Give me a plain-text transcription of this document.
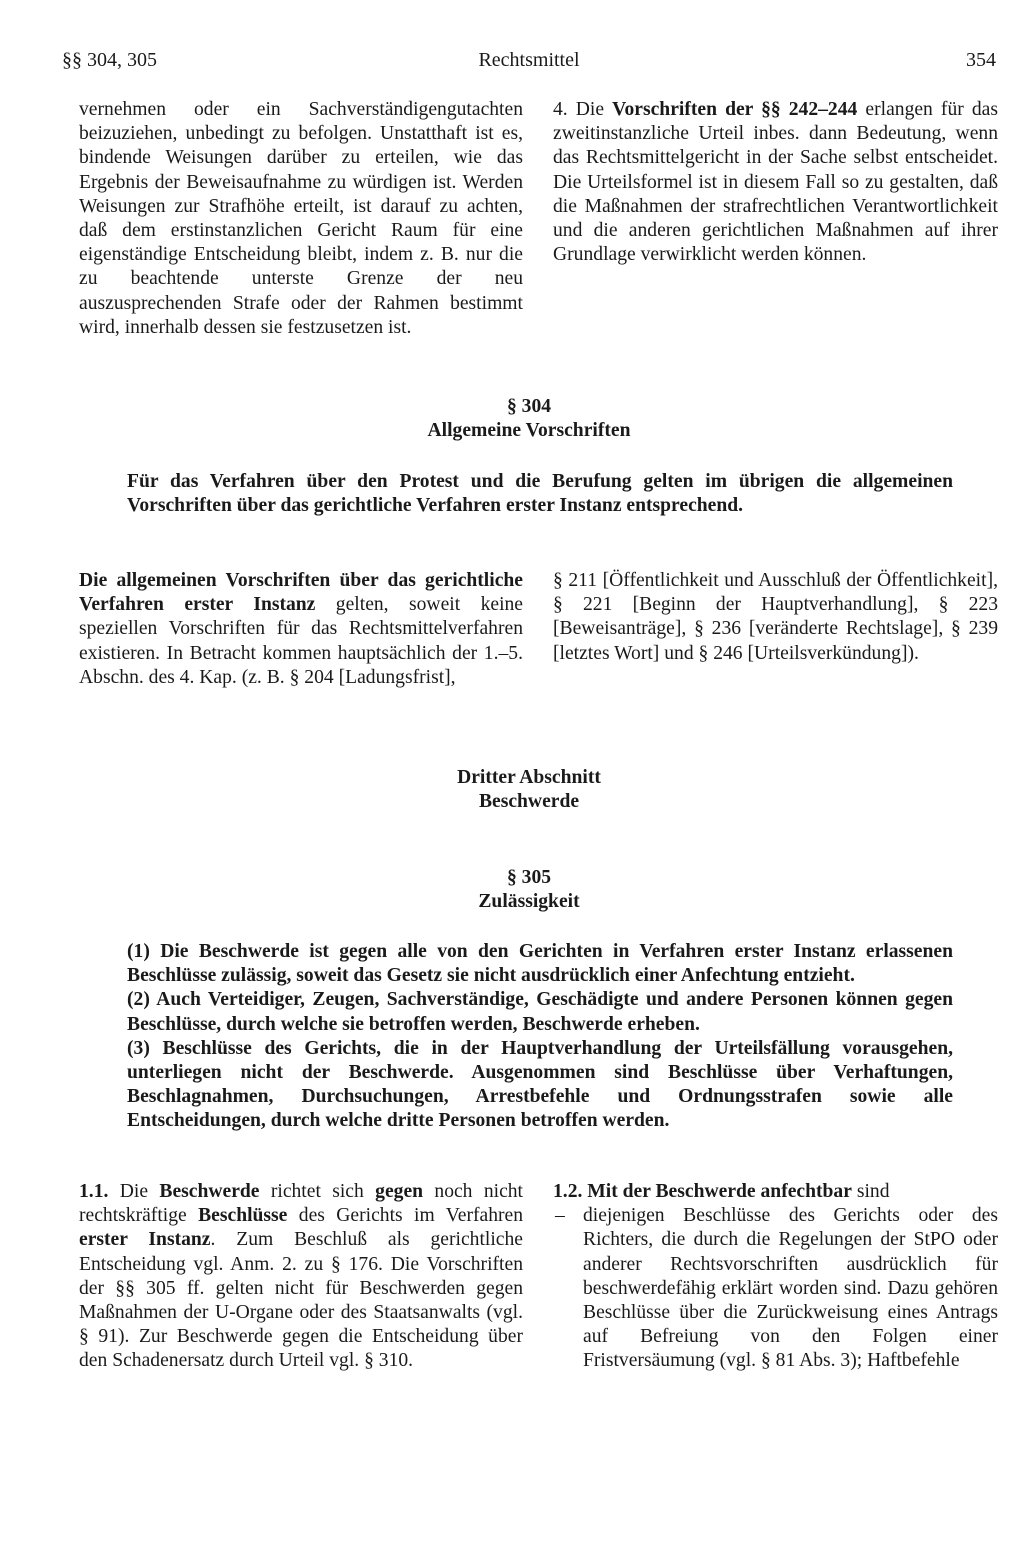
§§ 304, 305	Rechtsmittel	354

vernehmen oder ein Sachverständigengutachten beizuziehen, unbedingt zu befolgen. Unstatthaft ist es, bindende Weisungen darüber zu erteilen, wie das Ergebnis der Beweisaufnahme zu würdigen ist. Werden Weisungen zur Strafhöhe erteilt, ist darauf zu achten, daß dem erstinstanzlichen Gericht Raum für eine eigenständige Entscheidung bleibt, indem z. B. nur die zu beachtende unterste Grenze der neu auszusprechenden Strafe oder der Rahmen bestimmt wird, innerhalb dessen sie festzusetzen ist.

4. Die Vorschriften der §§ 242–244 erlangen für das zweitinstanzliche Urteil inbes. dann Bedeutung, wenn das Rechtsmittelgericht in der Sache selbst entscheidet. Die Urteilsformel ist in diesem Fall so zu gestalten, daß die Maßnahmen der strafrechtlichen Verantwortlichkeit und die anderen gerichtlichen Maßnahmen auf ihrer Grundlage verwirklicht werden können.

§ 304
Allgemeine Vorschriften

Für das Verfahren über den Protest und die Berufung gelten im übrigen die allgemeinen Vorschriften über das gerichtliche Verfahren erster Instanz entsprechend.

Die allgemeinen Vorschriften über das gerichtliche Verfahren erster Instanz gelten, soweit keine speziellen Vorschriften für das Rechtsmittelverfahren existieren. In Betracht kommen hauptsächlich der 1.–5. Abschn. des 4. Kap. (z. B. § 204 [Ladungsfrist],

§ 211 [Öffentlichkeit und Ausschluß der Öffentlichkeit], § 221 [Beginn der Hauptverhandlung], § 223 [Beweisanträge], § 236 [veränderte Rechtslage], § 239 [letztes Wort] und § 246 [Urteilsverkündung]).

Dritter Abschnitt
Beschwerde
§ 305
Zulässigkeit

(1) Die Beschwerde ist gegen alle von den Gerichten in Verfahren erster Instanz erlassenen Beschlüsse zulässig, soweit das Gesetz sie nicht ausdrücklich einer Anfechtung entzieht.

(2) Auch Verteidiger, Zeugen, Sachverständige, Geschädigte und andere Personen können gegen Beschlüsse, durch welche sie betroffen werden, Beschwerde erheben.

(3) Beschlüsse des Gerichts, die in der Hauptverhandlung der Urteilsfällung vorausgehen, unterliegen nicht der Beschwerde. Ausgenommen sind Beschlüsse über Verhaftungen, Beschlagnahmen, Durchsuchungen, Arrestbefehle und Ordnungsstrafen sowie alle Entscheidungen, durch welche dritte Personen betroffen werden.

1.1. Die Beschwerde richtet sich gegen noch nicht rechtskräftige Beschlüsse des Gerichts im Verfahren erster Instanz. Zum Beschluß als gerichtliche Entscheidung vgl. Anm. 2. zu § 176. Die Vorschriften der §§ 305 ff. gelten nicht für Beschwerden gegen Maßnahmen der U-Organe oder des Staatsanwalts (vgl. § 91). Zur Beschwerde gegen die Entscheidung über den Schadenersatz durch Urteil vgl. § 310.

1.2. Mit der Beschwerde anfechtbar sind

– diejenigen Beschlüsse des Gerichts oder des Richters, die durch die Regelungen der StPO oder anderer Rechtsvorschriften ausdrücklich für beschwerdefähig erklärt worden sind. Dazu gehören Beschlüsse über die Zurückweisung eines Antrags auf Befreiung von den Folgen einer Fristversäumung (vgl. § 81 Abs. 3); Haftbefehle
